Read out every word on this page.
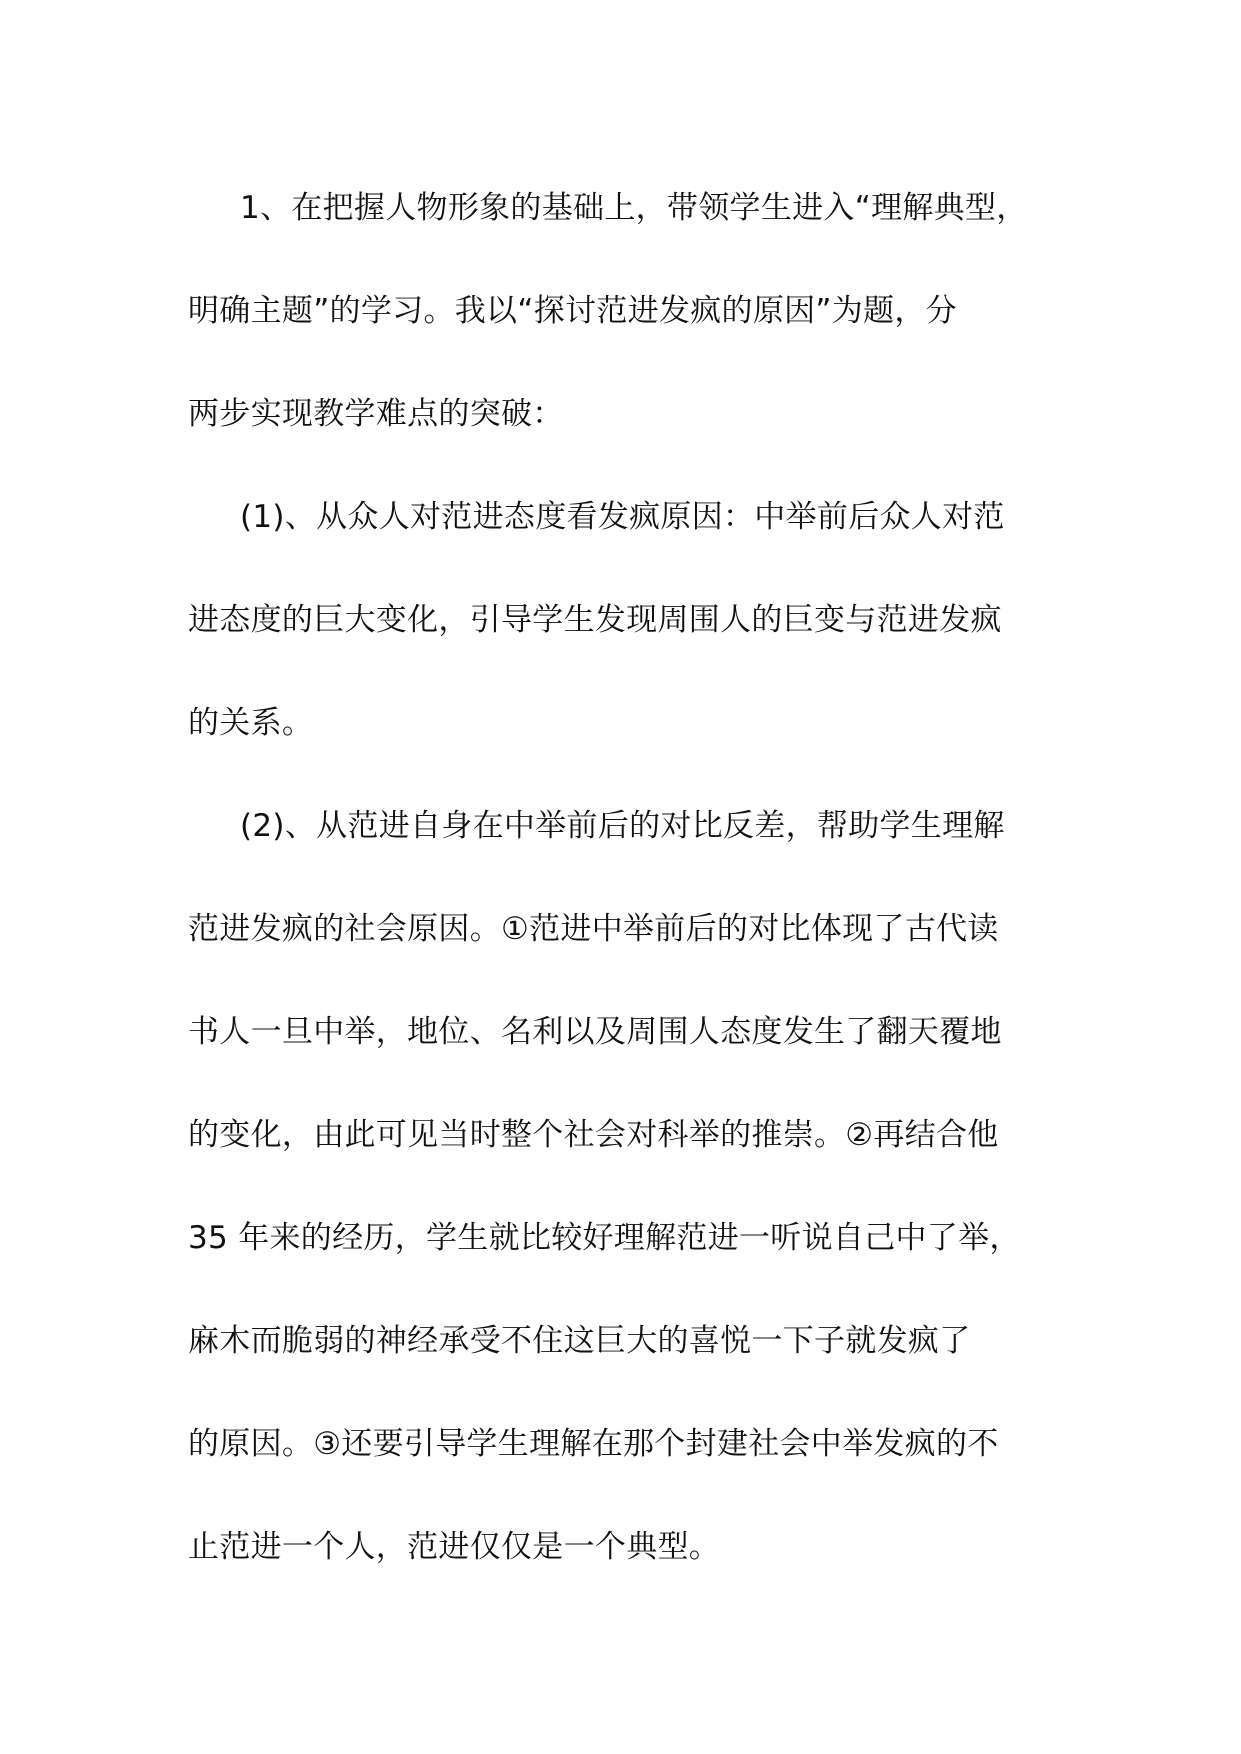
1、在把握人物形象的基础上，带领学生进入“理解典型，
明确主题”的学习。我以“探讨范进发疯的原因”为题，分
两步实现教学难点的突破：
(1)、从众人对范进态度看发疯原因：中举前后众人对范
进态度的巨大变化，引导学生发现周围人的巨变与范进发疯
的关系。
(2)、从范进自身在中举前后的对比反差，帮助学生理解
范进发疯的社会原因。①范进中举前后的对比体现了古代读
书人一旦中举，地位、名利以及周围人态度发生了翻天覆地
的变化，由此可见当时整个社会对科举的推崇。②再结合他
35 年来的经历，学生就比较好理解范进一听说自己中了举，
麻木而脆弱的神经承受不住这巨大的喜悦一下子就发疯了
的原因。③还要引导学生理解在那个封建社会中举发疯的不
止范进一个人，范进仅仅是一个典型。
